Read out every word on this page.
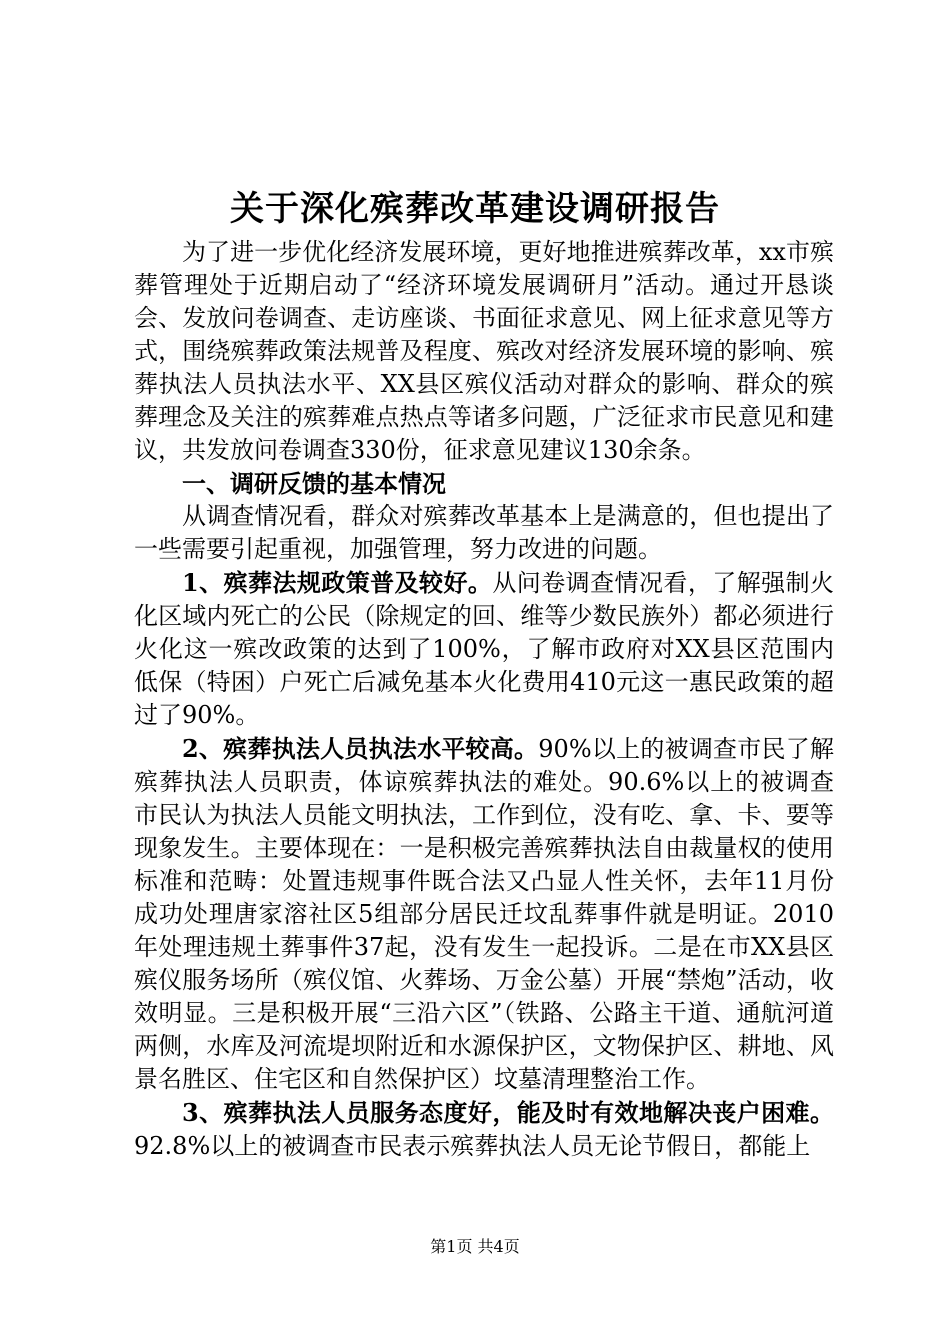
关于深化殡葬改革建设调研报告

为了进一步优化经济发展环境，更好地推进殡葬改革，xx市殡葬管理处于近期启动了“经济环境发展调研月”活动。通过开恳谈会、发放问卷调查、走访座谈、书面征求意见、网上征求意见等方式，围绕殡葬政策法规普及程度、殡改对经济发展环境的影响、殡葬执法人员执法水平、XX县区殡仪活动对群众的影响、群众的殡葬理念及关注的殡葬难点热点等诸多问题，广泛征求市民意见和建议，共发放问卷调查330份，征求意见建议130余条。

一、调研反馈的基本情况

从调查情况看，群众对殡葬改革基本上是满意的，但也提出了一些需要引起重视，加强管理，努力改进的问题。

1、殡葬法规政策普及较好。从问卷调查情况看，了解强制火化区域内死亡的公民（除规定的回、维等少数民族外）都必须进行火化这一殡改政策的达到了100%，了解市政府对XX县区范围内低保（特困）户死亡后减免基本火化费用410元这一惠民政策的超过了90%。

2、殡葬执法人员执法水平较高。90%以上的被调查市民了解殡葬执法人员职责，体谅殡葬执法的难处。90.6%以上的被调查市民认为执法人员能文明执法，工作到位，没有吃、拿、卡、要等现象发生。主要体现在：一是积极完善殡葬执法自由裁量权的使用标准和范畴：处置违规事件既合法又凸显人性关怀，去年11月份成功处理唐家溶社区5组部分居民迁坟乱葬事件就是明证。2010年处理违规土葬事件37起，没有发生一起投诉。二是在市XX县区殡仪服务场所（殡仪馆、火葬场、万金公墓）开展“禁炮”活动，收效明显。三是积极开展“三沿六区”（铁路、公路主干道、通航河道两侧，水库及河流堤坝附近和水源保护区，文物保护区、耕地、风景名胜区、住宅区和自然保护区）坟墓清理整治工作。

3、殡葬执法人员服务态度好，能及时有效地解决丧户困难。92.8%以上的被调查市民表示殡葬执法人员无论节假日，都能上

第1页 共4页
